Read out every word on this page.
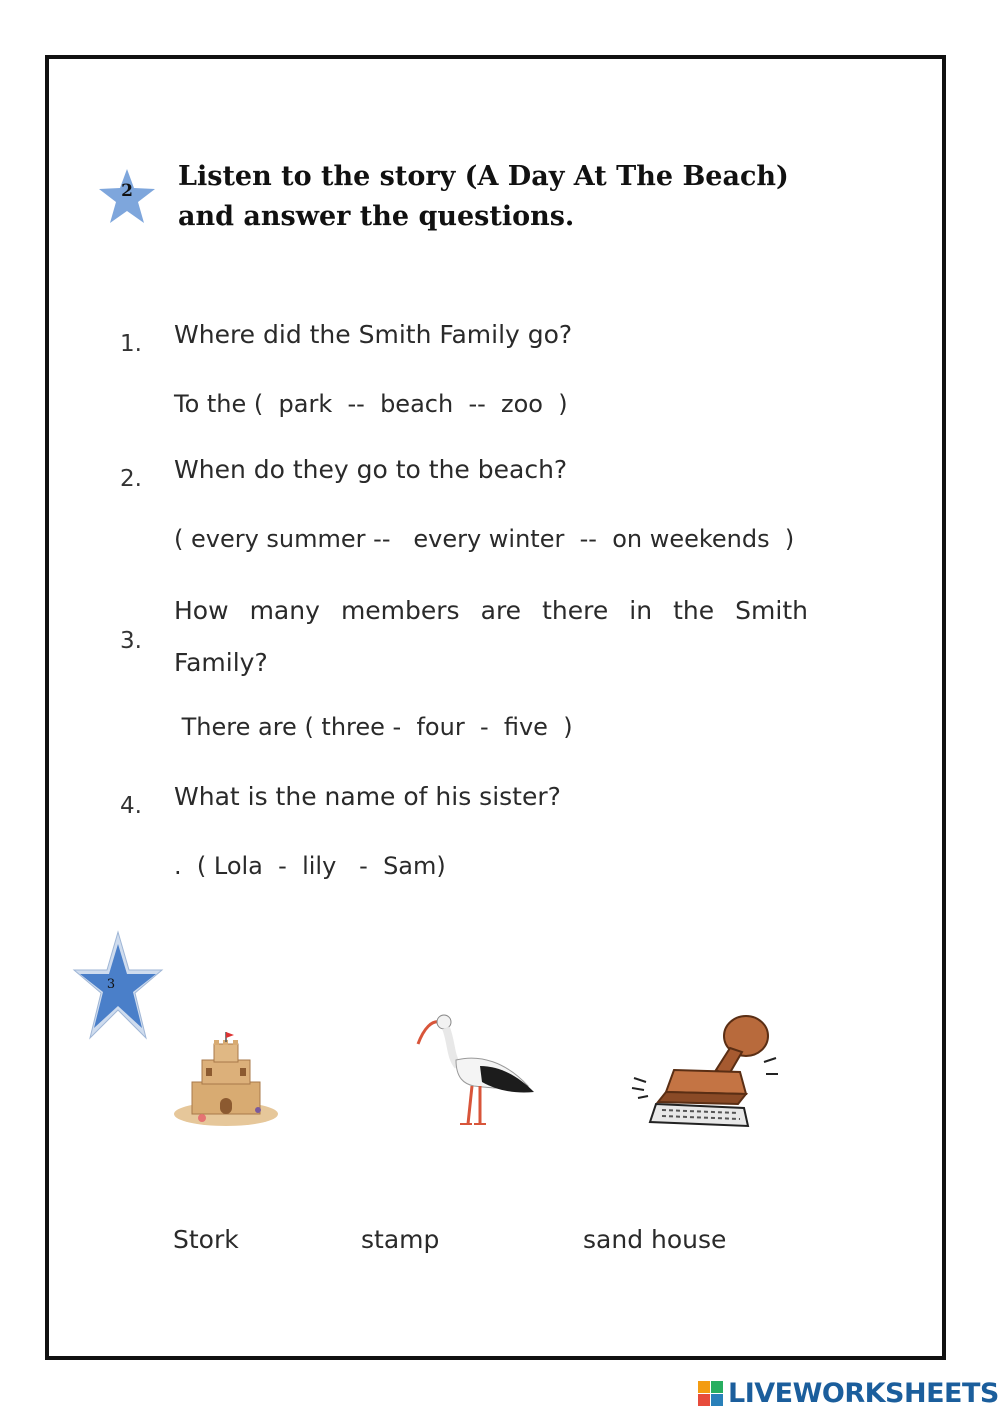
2	Listen to the story (A Day At The Beach)
and answer the questions.
1. Where did the Smith Family go?
To the (  park  --  beach  --  zoo  )
2. When do they go to the beach?
( every summer --   every winter  --  on weekends  )
3.
How many members are there in the Smith Family?
There are ( three -  four  -  five  )
4. What is the name of his sister?
.  ( Lola  -  lily   -  Sam)
3
Stork	stamp	sand house
LIVEWORKSHEETS
